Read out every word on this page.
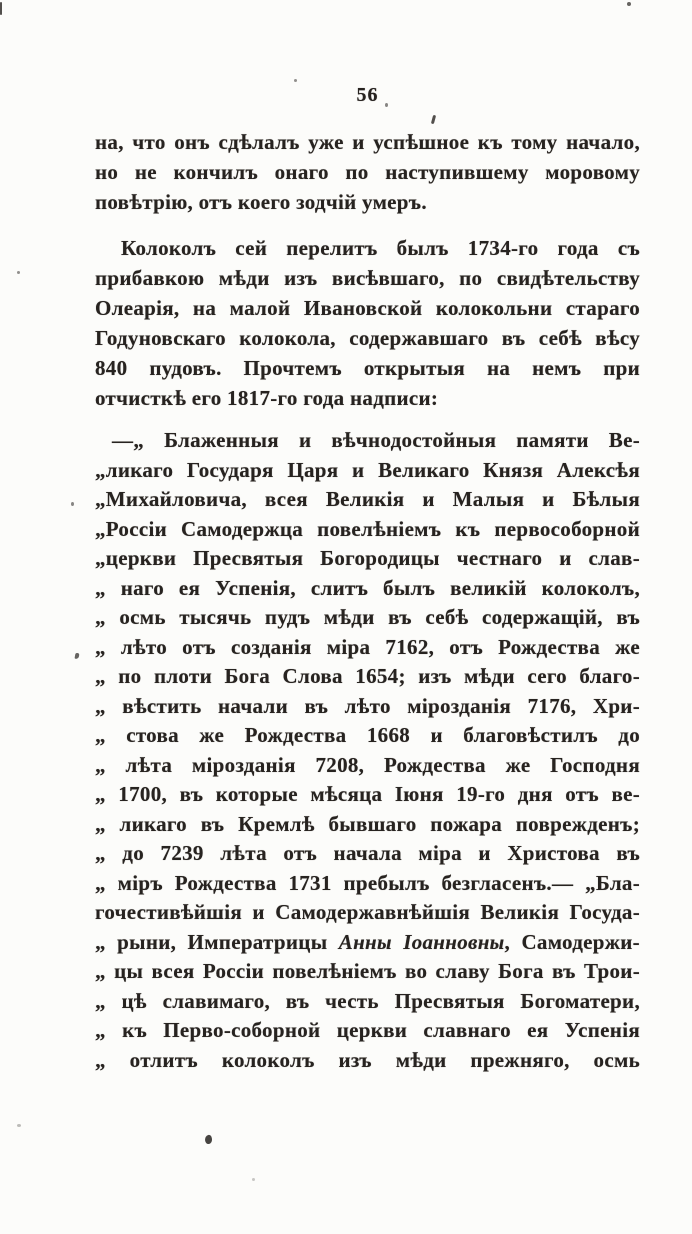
56
на, что онъ сдѣлалъ уже и успѣшное къ тому начало,
но не кончилъ онаго по наступившему моровому
повѣтрію, отъ коего зодчій умеръ.
Колоколъ сей перелитъ былъ 1734-го года съ
прибавкою мѣди изъ висѣвшаго, по свидѣтельству
Олеарія, на малой Ивановской колокольни стараго
Годуновскаго колокола, содержавшаго въ себѣ вѣсу
840 пудовъ. Прочтемъ открытыя на немъ при
отчисткѣ его 1817-го года надписи:
—„ Блаженныя и вѣчнодостойныя памяти Ве-
„ликаго Государя Царя и Великаго Князя Алексѣя
„Михайловича, всея Великія и Малыя и Бѣлыя
„Россіи Самодержца повелѣніемъ къ первособорной
„церкви Пресвятыя Богородицы честнаго и слав-
„ наго ея Успенія, слитъ былъ великій колоколъ,
„ осмь тысячь пудъ мѣди въ себѣ содержащій, въ
„ лѣто отъ созданія міра 7162, отъ Рождества же
„ по плоти Бога Слова 1654; изъ мѣди сего благо-
„ вѣстить начали въ лѣто мірозданія 7176, Хри-
„ стова же Рождества 1668 и благовѣстилъ до
„ лѣта мірозданія 7208, Рождества же Господня
„ 1700, въ которые мѣсяца Іюня 19-го дня отъ ве-
„ ликаго въ Кремлѣ бывшаго пожара поврежденъ;
„ до 7239 лѣта отъ начала міра и Христова въ
„ міръ Рождества 1731 пребылъ безгласенъ.— „Бла-
гочестивѣйшія и Самодержавнѣйшія Великія Госуда-
„ рыни, Императрицы Анны Іоанновны, Самодержи-
„ цы всея Россіи повелѣніемъ во славу Бога въ Трои-
„ цѣ славимаго, въ честь Пресвятыя Богоматери,
„ къ Перво-соборной церкви славнаго ея Успенія
„ отлитъ колоколъ изъ мѣди прежняго, осмь
